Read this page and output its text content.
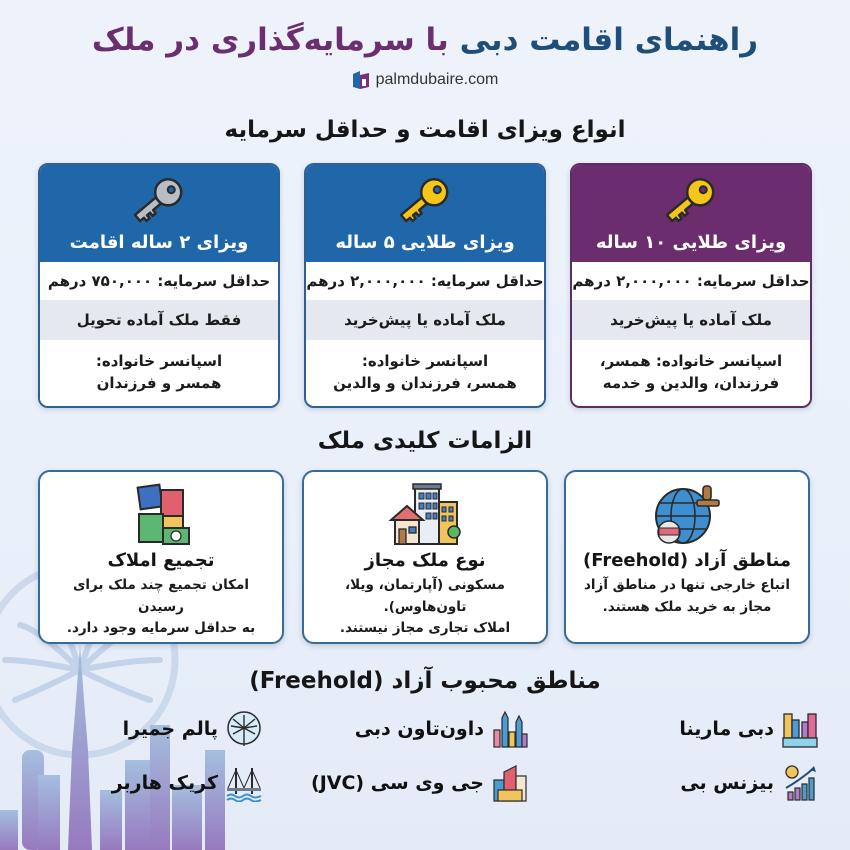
راهنمای اقامت دبی با سرمایه‌گذاری در ملک
palmdubaire.com
انواع ویزای اقامت و حداقل سرمایه
ویزای طلایی ۱۰ ساله
حداقل سرمایه: ۲,۰۰۰,۰۰۰ درهم
ملک آماده یا پیش‌خرید
اسپانسر خانواده: همسر،
فرزندان، والدین و خدمه
ویزای طلایی ۵ ساله
حداقل سرمایه: ۲,۰۰۰,۰۰۰ درهم
ملک آماده یا پیش‌خرید
اسپانسر خانواده:
همسر، فرزندان و والدین
ویزای ۲ ساله اقامت
حداقل سرمایه: ۷۵۰,۰۰۰ درهم
فقط ملک آماده تحویل
اسپانسر خانواده:
همسر و فرزندان
الزامات کلیدی ملک
مناطق آزاد (Freehold)
اتباع خارجی تنها در مناطق آزاد
مجاز به خرید ملک هستند.
نوع ملک مجاز
مسکونی (آپارتمان، ویلا، تاون‌هاوس).
املاک تجاری مجاز نیستند.
تجمیع املاک
امکان تجمیع چند ملک برای رسیدن
به حداقل سرمایه وجود دارد.
مناطق محبوب آزاد (Freehold)
دبی مارینا
داون‌تاون دبی
پالم جمیرا
بیزنس بی
جی وی سی (JVC)
کریک هاربر
